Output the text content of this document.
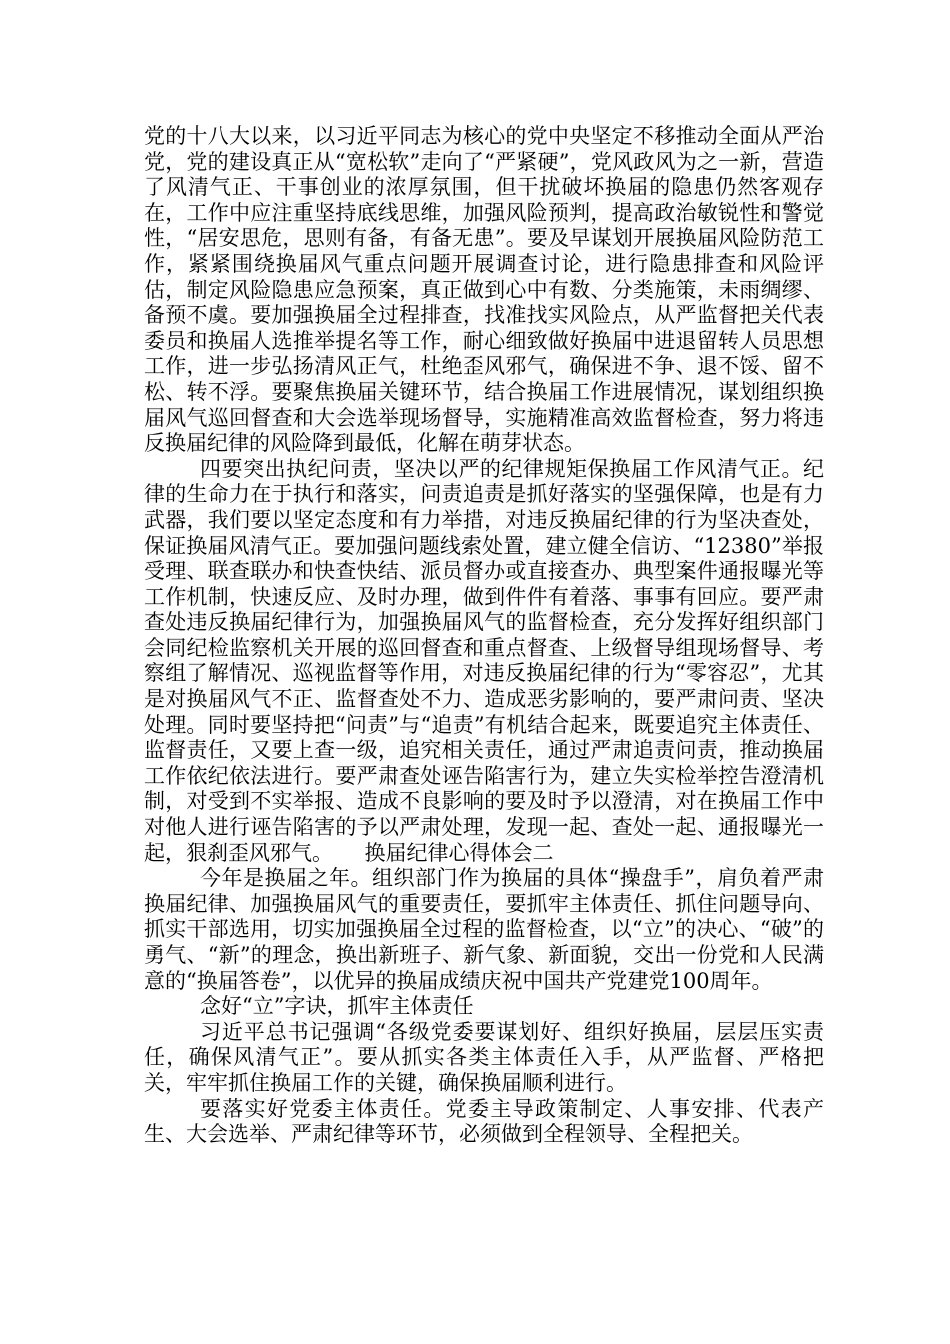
党的十八大以来，以习近平同志为核心的党中央坚定不移推动全面从严治党，党的建设真正从“宽松软”走向了“严紧硬”，党风政风为之一新，营造了风清气正、干事创业的浓厚氛围，但干扰破坏换届的隐患仍然客观存在，工作中应注重坚持底线思维，加强风险预判，提高政治敏锐性和警觉性，“居安思危，思则有备，有备无患”。要及早谋划开展换届风险防范工作，紧紧围绕换届风气重点问题开展调查讨论，进行隐患排查和风险评估，制定风险隐患应急预案，真正做到心中有数、分类施策，未雨绸缪、备预不虞。要加强换届全过程排查，找准找实风险点，从严监督把关代表委员和换届人选推举提名等工作，耐心细致做好换届中进退留转人员思想工作，进一步弘扬清风正气，杜绝歪风邪气，确保进不争、退不馁、留不松、转不浮。要聚焦换届关键环节，结合换届工作进展情况，谋划组织换届风气巡回督查和大会选举现场督导，实施精准高效监督检查，努力将违反换届纪律的风险降到最低，化解在萌芽状态。

四要突出执纪问责，坚决以严的纪律规矩保换届工作风清气正。纪律的生命力在于执行和落实，问责追责是抓好落实的坚强保障，也是有力武器，我们要以坚定态度和有力举措，对违反换届纪律的行为坚决查处，保证换届风清气正。要加强问题线索处置，建立健全信访、“12380”举报受理、联查联办和快查快结、派员督办或直接查办、典型案件通报曝光等工作机制，快速反应、及时办理，做到件件有着落、事事有回应。要严肃查处违反换届纪律行为，加强换届风气的监督检查，充分发挥好组织部门会同纪检监察机关开展的巡回督查和重点督查、上级督导组现场督导、考察组了解情况、巡视监督等作用，对违反换届纪律的行为“零容忍”，尤其是对换届风气不正、监督查处不力、造成恶劣影响的，要严肃问责、坚决处理。同时要坚持把“问责”与“追责”有机结合起来，既要追究主体责任、监督责任，又要上查一级，追究相关责任，通过严肃追责问责，推动换届工作依纪依法进行。要严肃查处诬告陷害行为，建立失实检举控告澄清机制，对受到不实举报、造成不良影响的要及时予以澄清，对在换届工作中对他人进行诬告陷害的予以严肃处理，发现一起、查处一起、通报曝光一起，狠刹歪风邪气。　　换届纪律心得体会二

今年是换届之年。组织部门作为换届的具体“操盘手”，肩负着严肃换届纪律、加强换届风气的重要责任，要抓牢主体责任、抓住问题导向、抓实干部选用，切实加强换届全过程的监督检查，以“立”的决心、“破”的勇气、“新”的理念，换出新班子、新气象、新面貌，交出一份党和人民满意的“换届答卷”，以优异的换届成绩庆祝中国共产党建党100周年。

念好“立”字诀，抓牢主体责任

习近平总书记强调“各级党委要谋划好、组织好换届，层层压实责任，确保风清气正”。要从抓实各类主体责任入手，从严监督、严格把关，牢牢抓住换届工作的关键，确保换届顺利进行。

要落实好党委主体责任。党委主导政策制定、人事安排、代表产生、大会选举、严肃纪律等环节，必须做到全程领导、全程把关。
